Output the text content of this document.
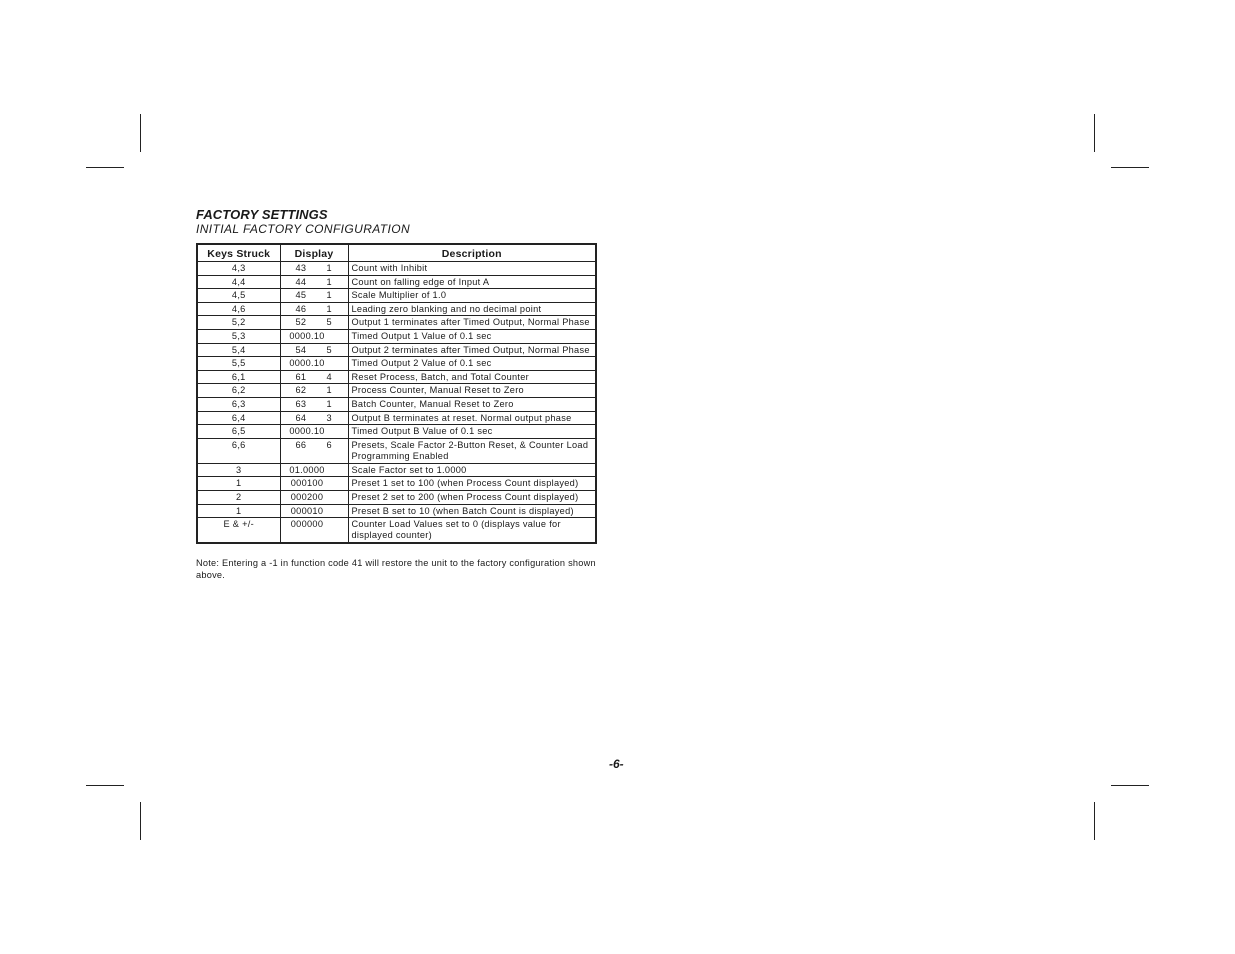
FACTORY SETTINGS
INITIAL FACTORY CONFIGURATION
Keys Struck	Display	Description
4,3	43 1	Count with Inhibit
4,4	44 1	Count on falling edge of Input A
4,5	45 1	Scale Multiplier of 1.0
4,6	46 1	Leading zero blanking and no decimal point
5,2	52 5	Output 1 terminates after Timed Output, Normal Phase
5,3	0000.10	Timed Output 1 Value of 0.1 sec
5,4	54 5	Output 2 terminates after Timed Output, Normal Phase
5,5	0000.10	Timed Output 2 Value of 0.1 sec
6,1	61 4	Reset Process, Batch, and Total Counter
6,2	62 1	Process Counter, Manual Reset to Zero
6,3	63 1	Batch Counter, Manual Reset to Zero
6,4	64 3	Output B terminates at reset. Normal output phase
6,5	0000.10	Timed Output B Value of 0.1 sec
6,6	66 6	Presets, Scale Factor 2-Button Reset, & Counter Load Programming Enabled
3	01.0000	Scale Factor set to 1.0000
1	000100	Preset 1 set to 100 (when Process Count displayed)
2	000200	Preset 2 set to 200 (when Process Count displayed)
1	000010	Preset B set to 10 (when Batch Count is displayed)
E & +/-	000000	Counter Load Values set to 0 (displays value for displayed counter)
Note: Entering a -1 in function code 41 will restore the unit to the factory configuration shown above.
-6-
